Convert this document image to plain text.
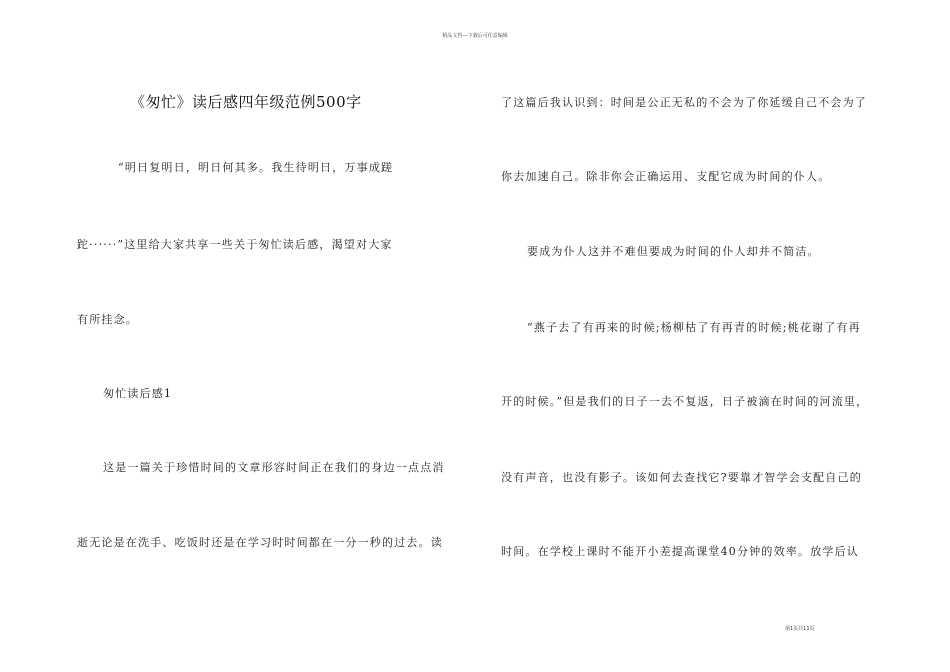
精品文档---下载后可任意编辑
《匆忙》读后感四年级范例500字
“明日复明日，明日何其多。我生待明日，万事成蹉
跎······”这里给大家共享一些关于匆忙读后感，渴望对大家
有所挂念。
匆忙读后感1
这是一篇关于珍惜时间的文章形容时间正在我们的身边一点点消
逝无论是在洗手、吃饭时还是在学习时时间都在一分一秒的过去。读
了这篇后我认识到：时间是公正无私的不会为了你延缓自己不会为了
你去加速自己。除非你会正确运用、支配它成为时间的仆人。
要成为仆人这并不难但要成为时间的仆人却并不简洁。
“燕子去了有再来的时候;杨柳枯了有再青的时候;桃花谢了有再
开的时候。”但是我们的日子一去不复返，日子被滴在时间的河流里，
没有声音，也没有影子。该如何去查找它?要靠才智学会支配自己的
时间。在学校上课时不能开小差提高课堂40分钟的效率。放学后认
第1页共11页
